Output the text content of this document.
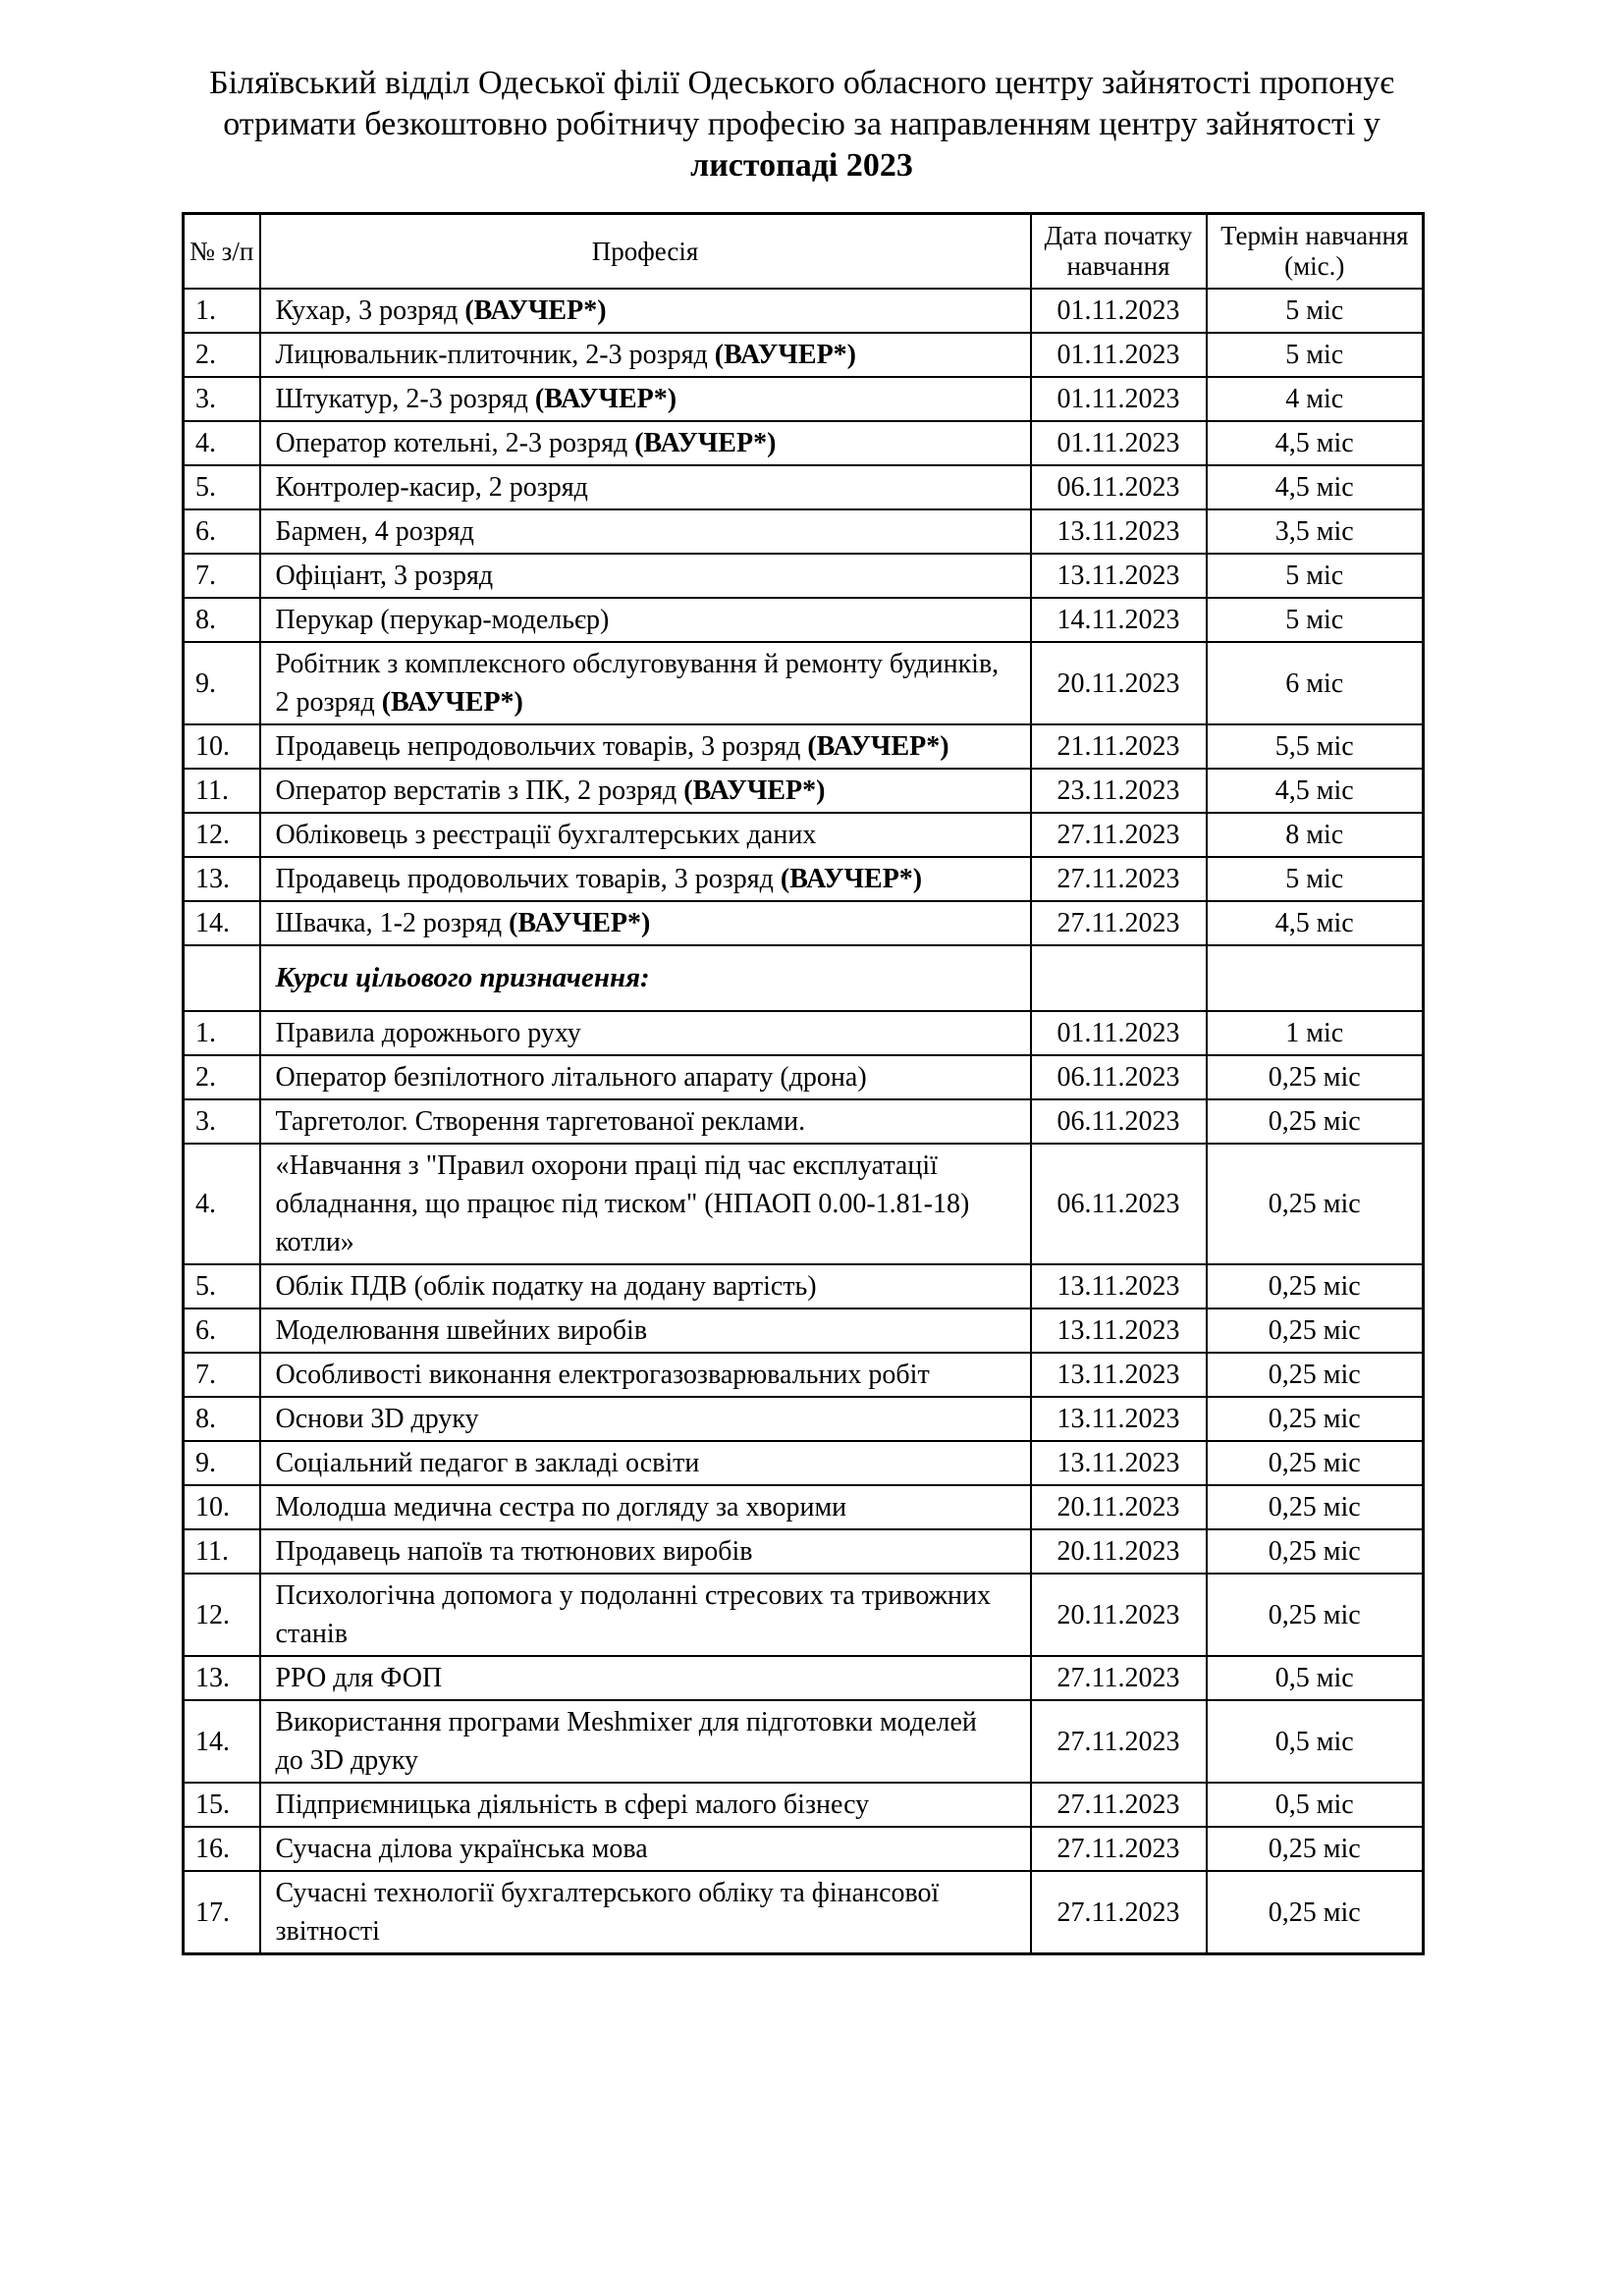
Біляївський відділ Одеської філії Одеського обласного центру зайнятості пропонує
отримати безкоштовно робітничу професію за направленням центру зайнятості у
листопаді 2023
№ з/п	Професія	Дата початку навчання	Термін навчання (міс.)
1.	Кухар, 3 розряд (ВАУЧЕР*)	01.11.2023	5 міс
2.	Лицювальник-плиточник, 2-3 розряд (ВАУЧЕР*)	01.11.2023	5 міс
3.	Штукатур, 2-3 розряд (ВАУЧЕР*)	01.11.2023	4 міс
4.	Оператор котельні, 2-3 розряд (ВАУЧЕР*)	01.11.2023	4,5 міс
5.	Контролер-касир, 2 розряд	06.11.2023	4,5 міс
6.	Бармен, 4 розряд	13.11.2023	3,5 міс
7.	Офіціант, 3 розряд	13.11.2023	5 міс
8.	Перукар (перукар-модельєр)	14.11.2023	5 міс
9.	Робітник з комплексного обслуговування й ремонту будинків, 2 розряд (ВАУЧЕР*)	20.11.2023	6 міс
10.	Продавець непродовольчих товарів, 3 розряд (ВАУЧЕР*)	21.11.2023	5,5 міс
11.	Оператор верстатів з ПК, 2 розряд (ВАУЧЕР*)	23.11.2023	4,5 міс
12.	Обліковець з реєстрації бухгалтерських даних	27.11.2023	8 міс
13.	Продавець продовольчих товарів, 3 розряд (ВАУЧЕР*)	27.11.2023	5 міс
14.	Швачка, 1-2 розряд (ВАУЧЕР*)	27.11.2023	4,5 міс
	Курси цільового призначення:		
1.	Правила дорожнього руху	01.11.2023	1 міс
2.	Оператор безпілотного літального апарату (дрона)	06.11.2023	0,25 міс
3.	Таргетолог. Створення таргетованої реклами.	06.11.2023	0,25 міс
4.	«Навчання з "Правил охорони праці під час експлуатації обладнання, що працює під тиском" (НПАОП 0.00-1.81-18) котли»	06.11.2023	0,25 міс
5.	Облік ПДВ (облік податку на додану вартість)	13.11.2023	0,25 міс
6.	Моделювання швейних виробів	13.11.2023	0,25 міс
7.	Особливості виконання електрогазозварювальних робіт	13.11.2023	0,25 міс
8.	Основи 3D друку	13.11.2023	0,25 міс
9.	Соціальний педагог в закладі освіти	13.11.2023	0,25 міс
10.	Молодша медична сестра по догляду за хворими	20.11.2023	0,25 міс
11.	Продавець напоїв та тютюнових виробів	20.11.2023	0,25 міс
12.	Психологічна допомога у подоланні стресових та тривожних станів	20.11.2023	0,25 міс
13.	РРО для ФОП	27.11.2023	0,5 міс
14.	Використання програми Meshmixer для підготовки моделей до 3D друку	27.11.2023	0,5 міс
15.	Підприємницька діяльність в сфері малого бізнесу	27.11.2023	0,5 міс
16.	Сучасна ділова українська мова	27.11.2023	0,25 міс
17.	Сучасні технології бухгалтерського обліку та фінансової звітності	27.11.2023	0,25 міс
